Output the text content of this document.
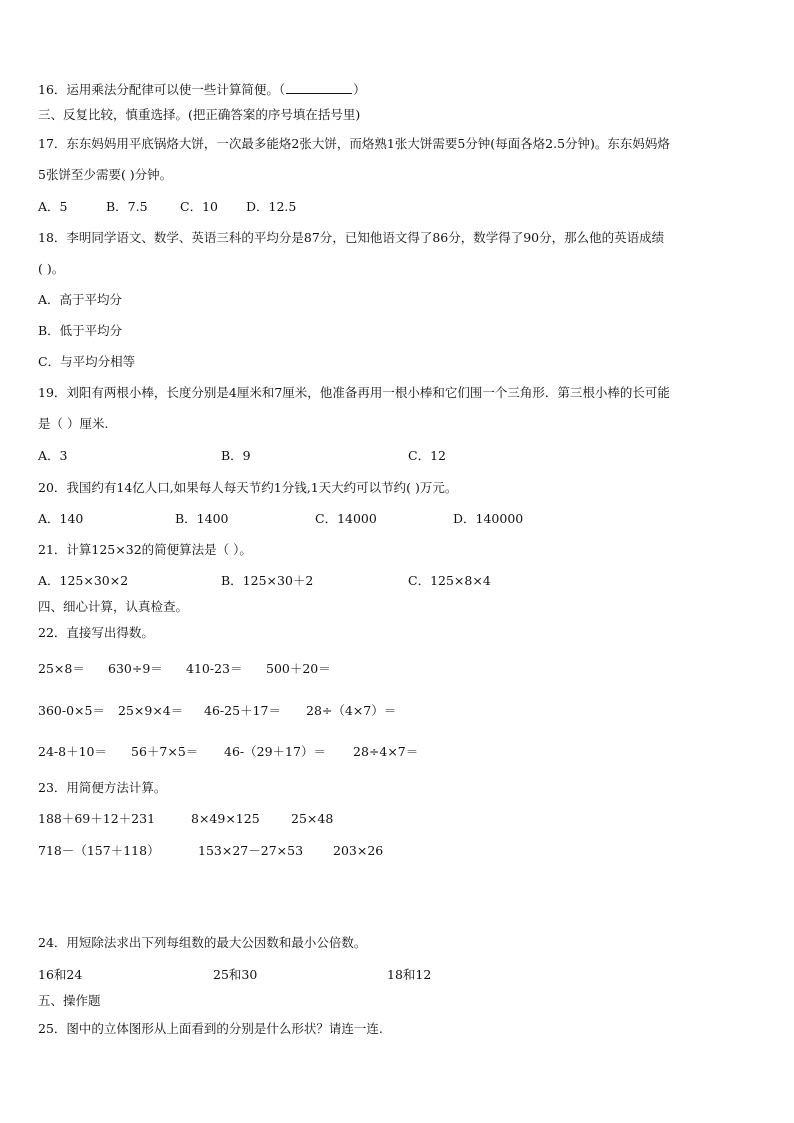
16．运用乘法分配律可以使一些计算简便。（	）
三、反复比较，慎重选择。(把正确答案的序号填在括号里)
17．东东妈妈用平底锅烙大饼，一次最多能烙2张大饼，而烙熟1张大饼需要5分钟(每面各烙2.5分钟)。东东妈妈烙
5张饼至少需要( )分钟。
A．5	B．7.5	C．10 D．12.5
18．李明同学语文、数学、英语三科的平均分是87分，已知他语文得了86分，数学得了90分，那么他的英语成绩
( )。
A．高于平均分
B．低于平均分
C．与平均分相等
19．刘阳有两根小棒，长度分别是4厘米和7厘米，他准备再用一根小棒和它们围一个三角形．第三根小棒的长可能
是（ ）厘米.
A．3	B．9	C．12
20．我国约有14亿人口,如果每人每天节约1分钱,1天大约可以节约( )万元。
A．140	B．1400	C．14000	D．140000
21．计算125×32的简便算法是（ ）。
A．125×30×2	B．125×30＋2	C．125×8×4
四、细心计算，认真检查。
22．直接写出得数。
25×8＝ 630÷9＝ 410-23＝ 500＋20＝
360-0×5＝ 25×9×4＝ 46-25＋17＝ 28÷（4×7）＝
24-8＋10＝ 56＋7×5＝ 46-（29＋17）＝ 28÷4×7＝
23．用简便方法计算。
188＋69＋12＋231	8×49×125	25×48
718－（157＋118）	153×27－27×53 203×26
24．用短除法求出下列每组数的最大公因数和最小公倍数。
16和24	25和30	18和12
五、操作题
25．图中的立体图形从上面看到的分别是什么形状？请连一连.
